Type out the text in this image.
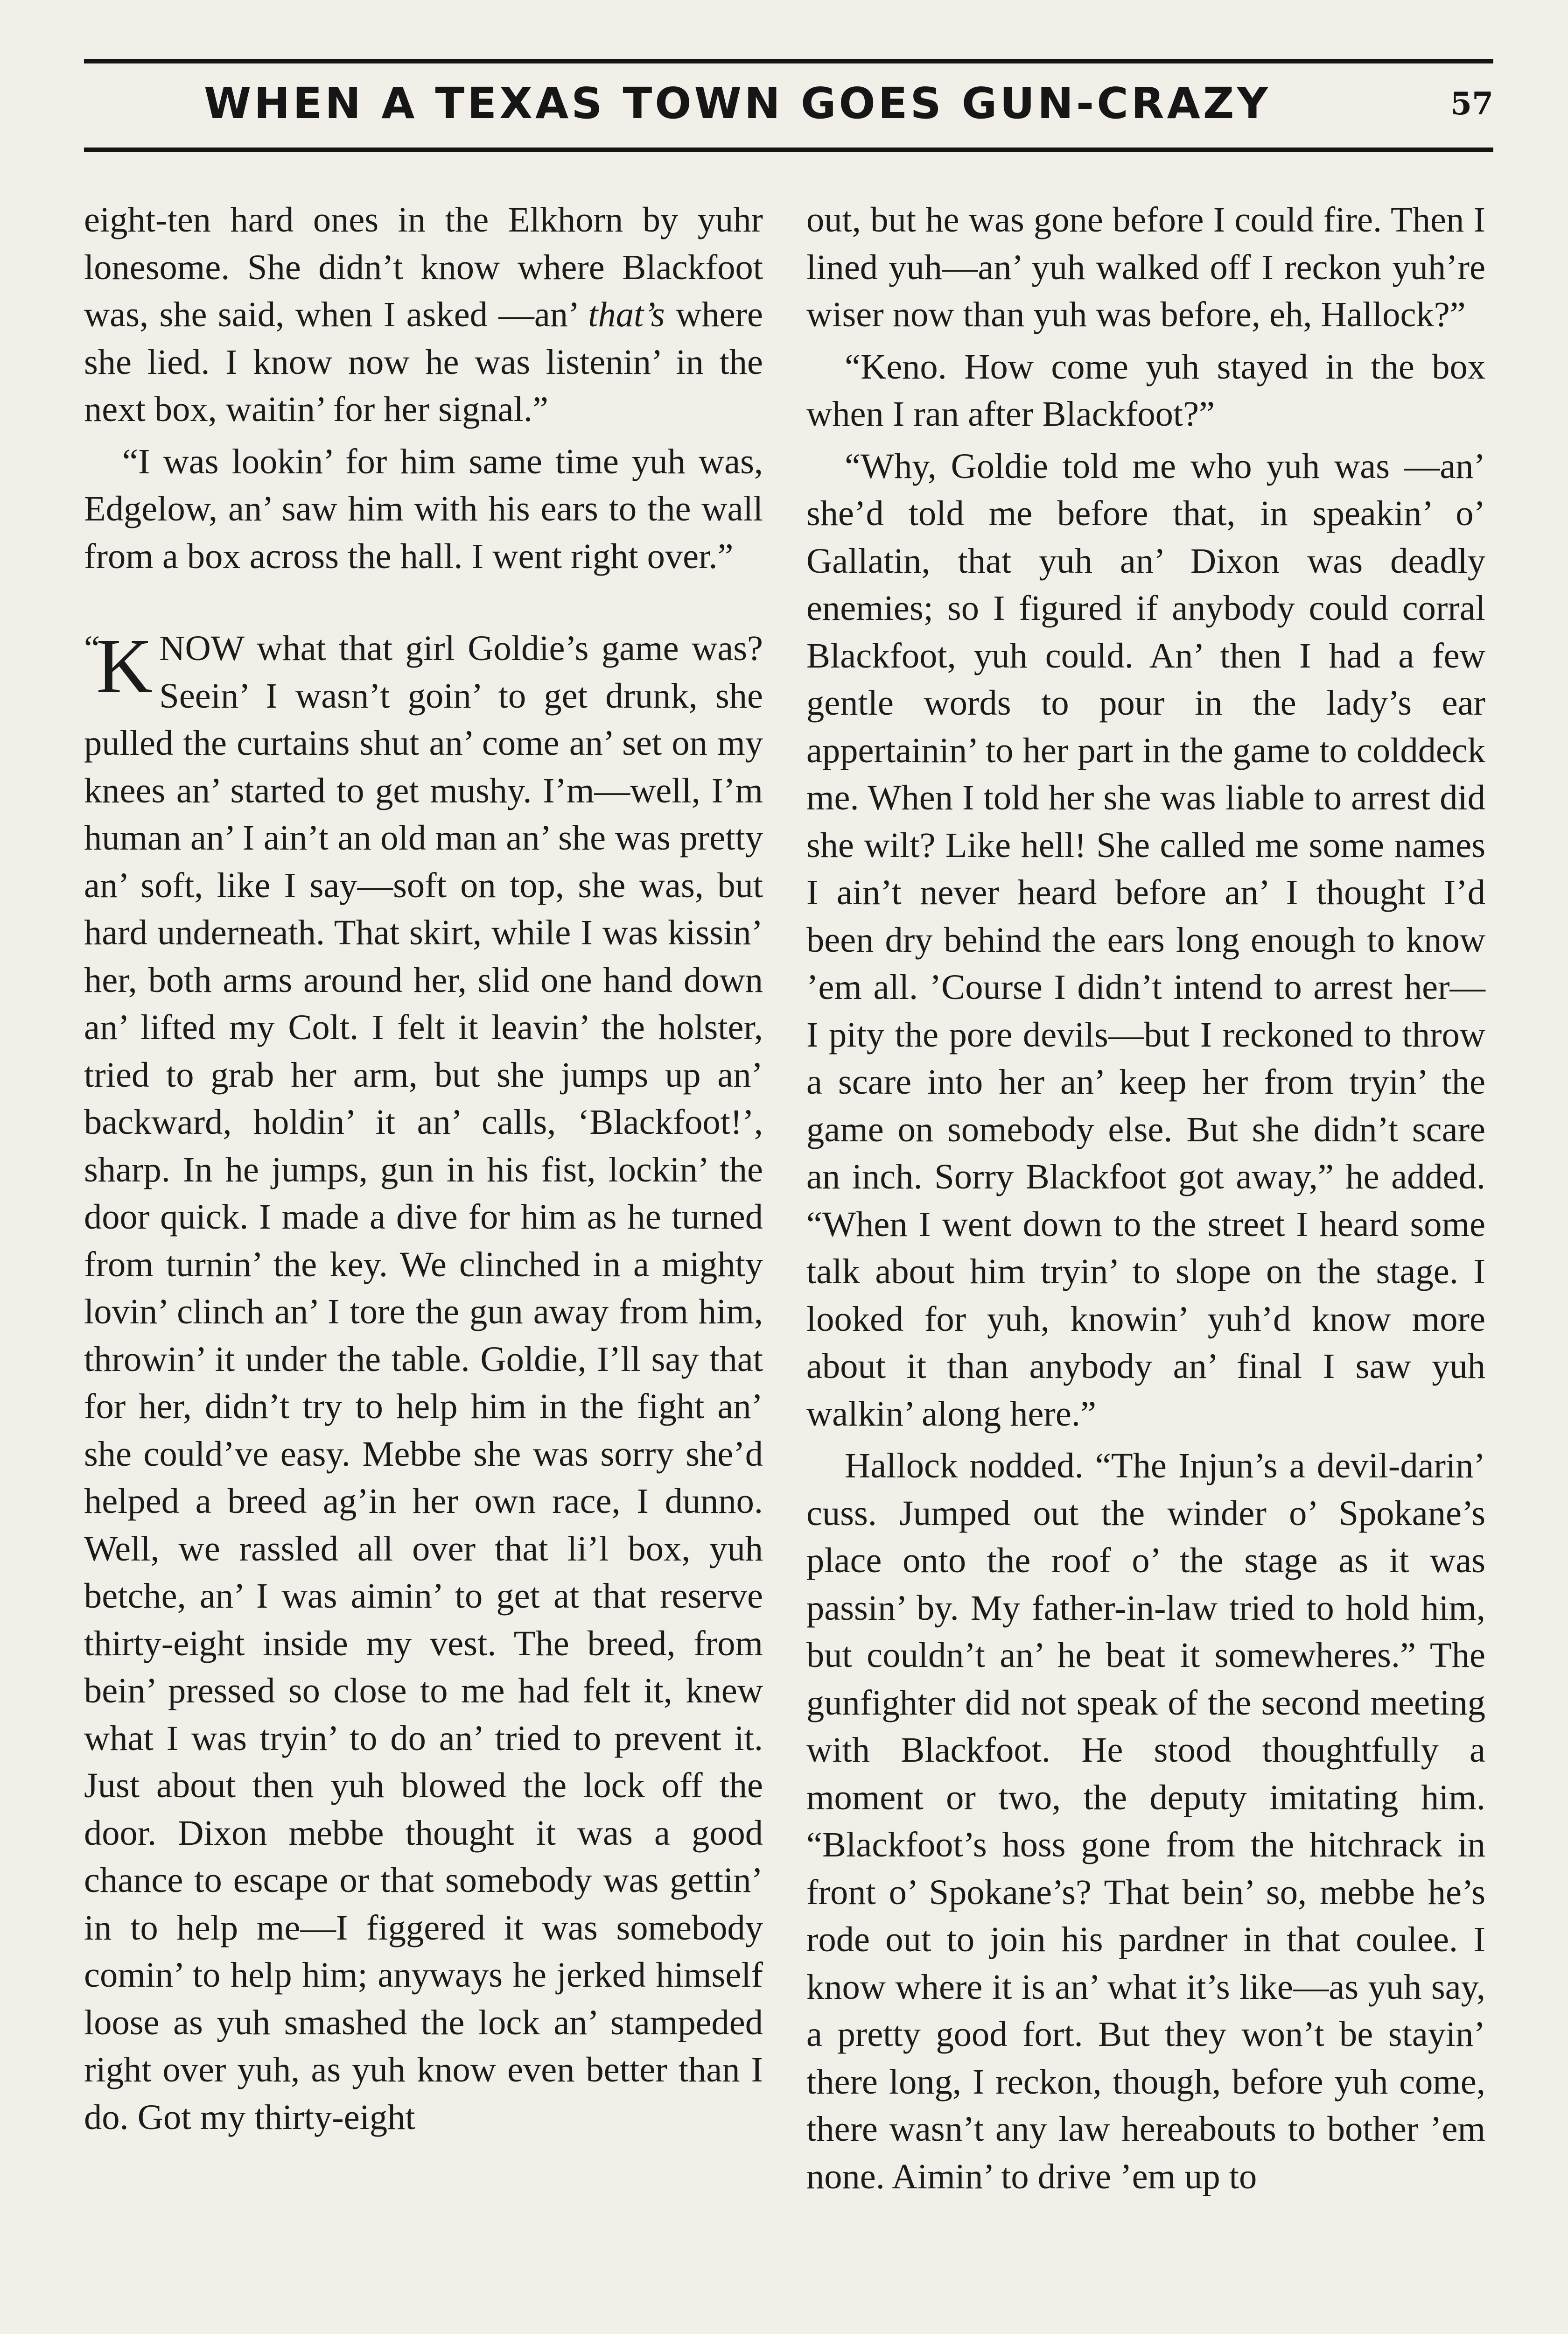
WHEN A TEXAS TOWN GOES GUN-CRAZY	57

eight-ten hard ones in the Elkhorn by yuhr lonesome. She didn’t know where Blackfoot was, she said, when I asked —an’ that’s where she lied. I know now he was listenin’ in the next box, waitin’ for her signal.”

“I was lookin’ for him same time yuh was, Edgelow, an’ saw him with his ears to the wall from a box across the hall. I went right over.”

“
K NOW what that girl Goldie’s game was? Seein’ I wasn’t goin’ to get drunk, she pulled the curtains shut an’ come an’ set on my knees an’ started to get mushy. I’m—well, I’m human an’ I ain’t an old man an’ she was pretty an’ soft, like I say—soft on top, she was, but hard underneath. That skirt, while I was kissin’ her, both arms around her, slid one hand down an’ lifted my Colt. I felt it leavin’ the holster, tried to grab her arm, but she jumps up an’ backward, holdin’ it an’ calls, ‘Blackfoot!’, sharp. In he jumps, gun in his fist, lockin’ the door quick. I made a dive for him as he turned from turnin’ the key. We clinched in a mighty lovin’ clinch an’ I tore the gun away from him, throwin’ it under the table. Goldie, I’ll say that for her, didn’t try to help him in the fight an’ she could’ve easy. Mebbe she was sorry she’d helped a breed ag’in her own race, I dunno. Well, we rassled all over that li’l box, yuh betche, an’ I was aimin’ to get at that reserve thirty-eight inside my vest. The breed, from bein’ pressed so close to me had felt it, knew what I was tryin’ to do an’ tried to prevent it. Just about then yuh blowed the lock off the door. Dixon mebbe thought it was a good chance to escape or that somebody was gettin’ in to help me—I figgered it was somebody comin’ to help him; anyways he jerked himself loose as yuh smashed the lock an’ stampeded right over yuh, as yuh know even better than I do. Got my thirty-eight

out, but he was gone before I could fire. Then I lined yuh—an’ yuh walked off I reckon yuh’re wiser now than yuh was before, eh, Hallock?”

“Keno. How come yuh stayed in the box when I ran after Blackfoot?”

“Why, Goldie told me who yuh was —an’ she’d told me before that, in speakin’ o’ Gallatin, that yuh an’ Dixon was deadly enemies; so I figured if anybody could corral Blackfoot, yuh could. An’ then I had a few gentle words to pour in the lady’s ear appertainin’ to her part in the game to colddeck me. When I told her she was liable to arrest did she wilt? Like hell! She called me some names I ain’t never heard before an’ I thought I’d been dry behind the ears long enough to know ’em all. ’Course I didn’t intend to arrest her— I pity the pore devils—but I reckoned to throw a scare into her an’ keep her from tryin’ the game on somebody else. But she didn’t scare an inch. Sorry Blackfoot got away,” he added. “When I went down to the street I heard some talk about him tryin’ to slope on the stage. I looked for yuh, knowin’ yuh’d know more about it than anybody an’ final I saw yuh walkin’ along here.”

Hallock nodded. “The Injun’s a devil-darin’ cuss. Jumped out the winder o’ Spokane’s place onto the roof o’ the stage as it was passin’ by. My father-in-law tried to hold him, but couldn’t an’ he beat it somewheres.” The gunfighter did not speak of the second meeting with Blackfoot. He stood thoughtfully a moment or two, the deputy imitating him. “Blackfoot’s hoss gone from the hitchrack in front o’ Spokane’s? That bein’ so, mebbe he’s rode out to join his pardner in that coulee. I know where it is an’ what it’s like—as yuh say, a pretty good fort. But they won’t be stayin’ there long, I reckon, though, before yuh come, there wasn’t any law hereabouts to bother ’em none. Aimin’ to drive ’em up to
